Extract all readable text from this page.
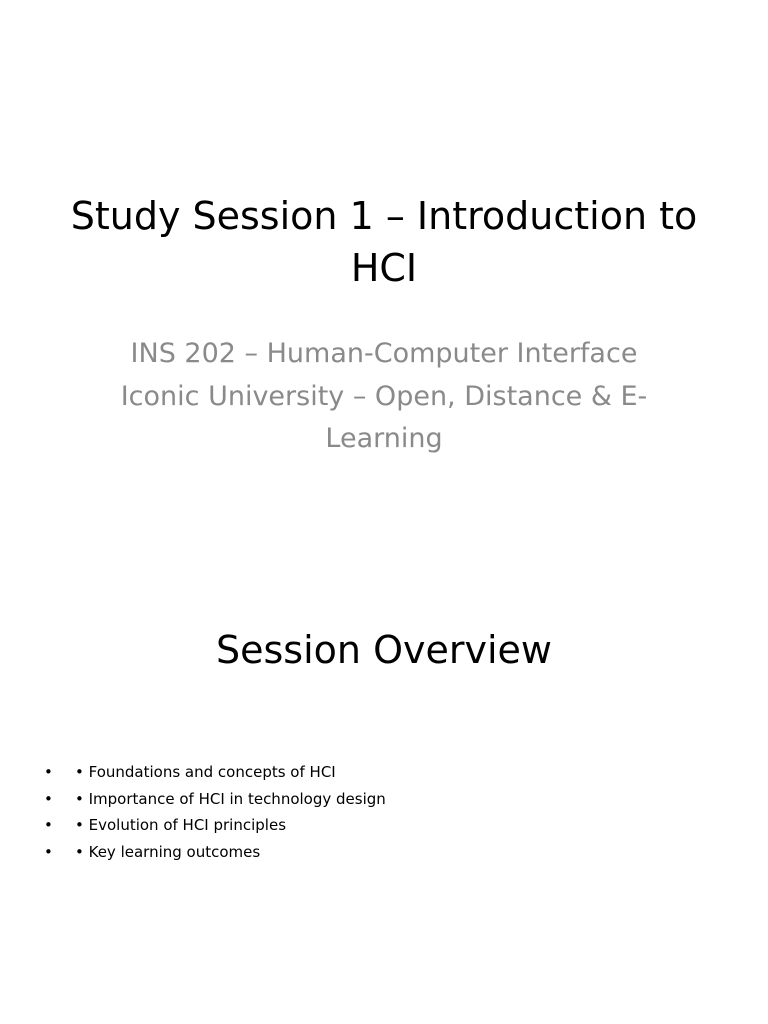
Study Session 1 – Introduction to HCI
INS 202 – Human-Computer Interface
Iconic University – Open, Distance & E-Learning
Session Overview
• • Foundations and concepts of HCI
• • Importance of HCI in technology design
• • Evolution of HCI principles
• • Key learning outcomes
